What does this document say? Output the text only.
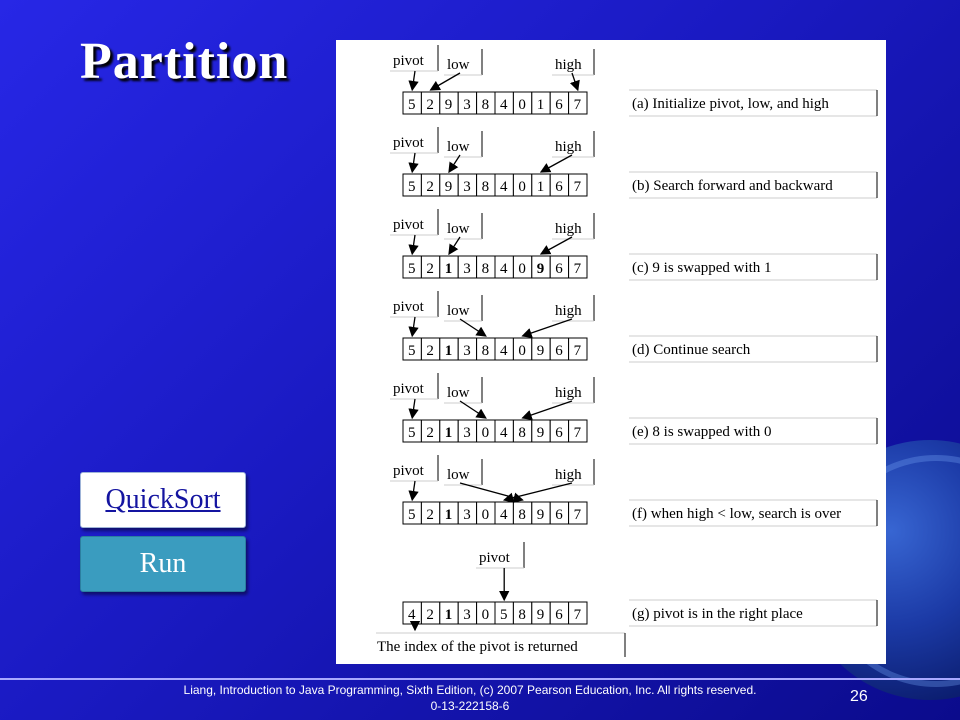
Partition
5 2 9 3 8 4 0 1 6 7	(a) Initialize pivot, low, and high
pivot low	high
5 2 9 3 8 4 0 1 6 7	(b) Search forward and backward
pivot low	high
5 2 1 3 8 4 0 9 6 7	(c) 9 is swapped with 1
pivot low	high
5 2 1 3 8 4 0 9 6 7	(d) Continue search
pivot low	high
5 2 1 3 0 4 8 9 6 7	(e) 8 is swapped with 0
pivot low	high
5 2 1 3 0 4 8 9 6 7	(f) when high < low, search is over
pivot low	high
4 2 1 3 0 5 8 9 6 7	(g) pivot is in the right place
pivot
The index of the pivot is returned
QuickSort
Run
Liang, Introduction to Java Programming, Sixth Edition, (c) 2007 Pearson Education, Inc. All rights reserved. 0-13-222158-6
26
